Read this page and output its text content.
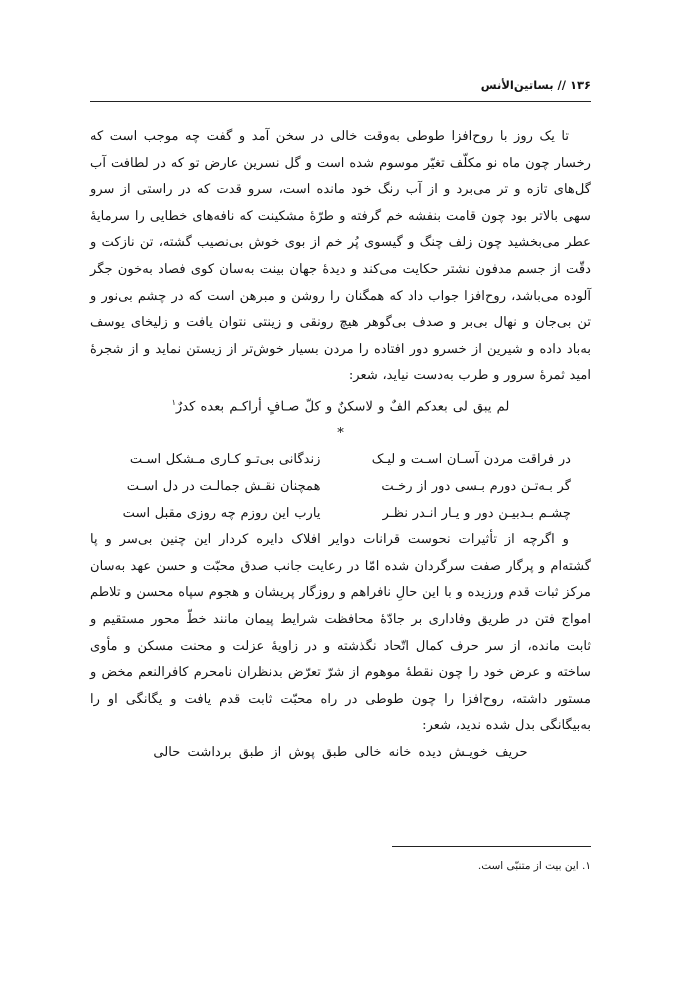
۱۳۶ // بساتین‌الأنس

تا یک روز با روح‌افزا طوطی به‌وقت خالی در سخن آمد و گفت چه موجب است که رخسار چون ماه نو مکلّف تغیّر موسوم شده است و گل نسرین عارض تو که در لطافت آب گل‌های تازه و تر می‌برد و از آب رنگ خود مانده است، سرو قدت که در راستی از سرو سهی بالاتر بود چون قامت بنفشه خم گرفته و طرّهٔ مشکینت که نافه‌های خطایی را سرمایهٔ عطر می‌بخشید چون زلف چنگ و گیسوی پُر خم از بوی خوش بی‌نصیب گشته، تن نازکت و دقّت از جسم مدفون نشتر حکایت می‌کند و دیدهٔ جهان بینت به‌سان کوی فصاد به‌خون جگر آلوده می‌باشد، روح‌افزا جواب داد که همگنان را روشن و مبرهن است که در چشم بی‌نور و تن بی‌جان و نهال بی‌بر و صدف بی‌گوهر هیچ رونقی و زینتی نتوان یافت و زلیخای یوسف به‌باد داده و شیرین از خسرو دور افتاده را مردن بسیار خوش‌تر از زیستن نماید و از شجرهٔ امید ثمرهٔ سرور و طرب به‌دست نیاید، شعر:

لم یبق لی بعدکم الفٌ و لاسکنٌ و کلّ صـافٍ أراکـم بعده کدرٌ$^۱$

*

در فراقت مردن آسـان اسـت و لیـک
زندگانی بی‌تـو کـاری مـشکل اسـت
گر بـه‌تـن دورم بـسی دور از رخـت
همچنان نقـش جمالـت در دل اسـت
چشـم بـدبیـن دور و یـار انـدر نظـر
یارب این روزم چه روزی مقبل است

و اگرچه از تأثیرات نحوست قرانات دوایر افلاک دایره کردار این چنین بی‌سر و پا گشته‌ام و پرگار صفت سرگردان شده امّا در رعایت جانب صدق محبّت و حسن عهد به‌سان مرکز ثبات قدم ورزیده و با این حالِ نافراهم و روزگار پریشان و هجوم سپاه محسن و تلاطم امواج فتن در طریق وفاداری بر جادّهٔ محافظت شرایط پیمان مانند خطّ محور مستقیم و ثابت مانده، از سر حرف کمال اتّحاد نگذشته و در زاویهٔ عزلت و محنت مسکن و مأوی ساخته و عرض خود را چون نقطهٔ موهوم از شرّ تعرّض بدنظران نامحرم کافرالنعم مخض و مستور داشته، روح‌افزا را چون طوطی در راه محبّت ثابت قدم یافت و یگانگی او را به‌بیگانگی بدل شده ندید، شعر:

حریف خویـش دیده خانه خالی طبق پوش از طبق برداشت حالی

۱. این بیت از متنبّی است.
